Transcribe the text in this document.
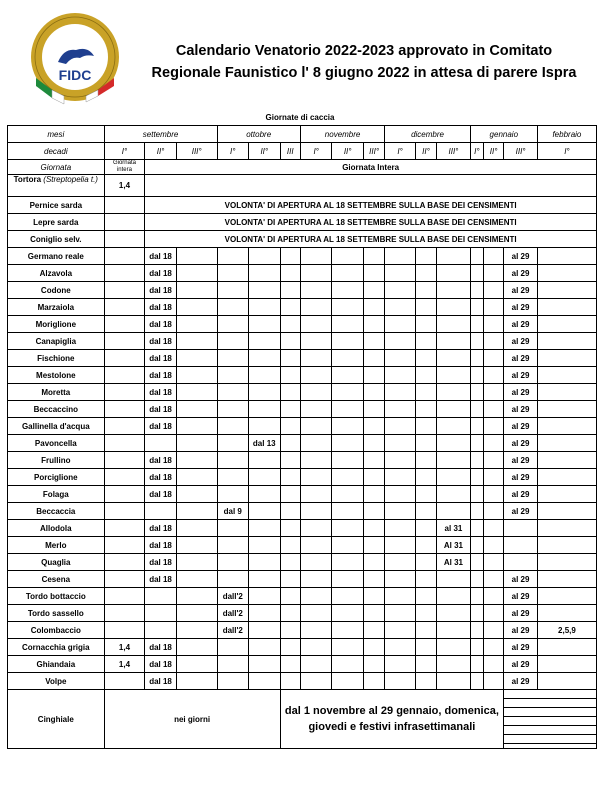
FIDC
Calendario Venatorio 2022-2023 approvato in Comitato
Regionale Faunistico l' 8 giugno 2022 in attesa di parere Ispra
Giornate di caccia
mesi	settembre			ottobre			novembre			dicembre			gennaio			febbraio
decadi	I°	II°	III°	I°	II°	III	I°	II°	III°	I°	II°	III°	I°	II°	III°	I°
Giornata	Giornata intera	Giornata Intera														

Tortora (Streptopelia t.)	1,4															
Pernice sarda		VOLONTA' DI APERTURA AL 18 SETTEMBRE SULLA BASE DEI CENSIMENTI														
Lepre sarda		VOLONTA' DI APERTURA AL 18 SETTEMBRE SULLA BASE DEI CENSIMENTI														
Coniglio selv.		VOLONTA' DI APERTURA AL 18 SETTEMBRE SULLA BASE DEI CENSIMENTI														
Germano reale		dal 18													al 29	
Alzavola		dal 18													al 29	
Codone		dal 18													al 29	
Marzaiola		dal 18													al 29	
Moriglione		dal 18													al 29	
Canapiglia		dal 18													al 29	
Fischione		dal 18													al 29	
Mestolone		dal 18													al 29	
Moretta		dal 18													al 29	
Beccaccino		dal 18													al 29	
Gallinella d'acqua		dal 18													al 29	
Pavoncella					dal 13										al 29	
Frullino		dal 18													al 29	
Porciglione		dal 18													al 29	
Folaga		dal 18													al 29	
Beccaccia				dal 9											al 29	
Allodola		dal 18										al 31				
Merlo		dal 18										Al 31				
Quaglia		dal 18										Al 31				
Cesena		dal 18													al 29	
Tordo bottaccio				dall'2											al 29	
Tordo sassello				dall'2											al 29	
Colombaccio				dall'2											al 29	2,5,9
Cornacchia grigia	1,4	dal 18													al 29	
Ghiandaia	1,4	dal 18													al 29	
Volpe		dal 18													al 29	
Cinghiale	nei giorni					dal 1 novembre al 29 gennaio, domenica, giovedi e festivi infrasettimanali										
